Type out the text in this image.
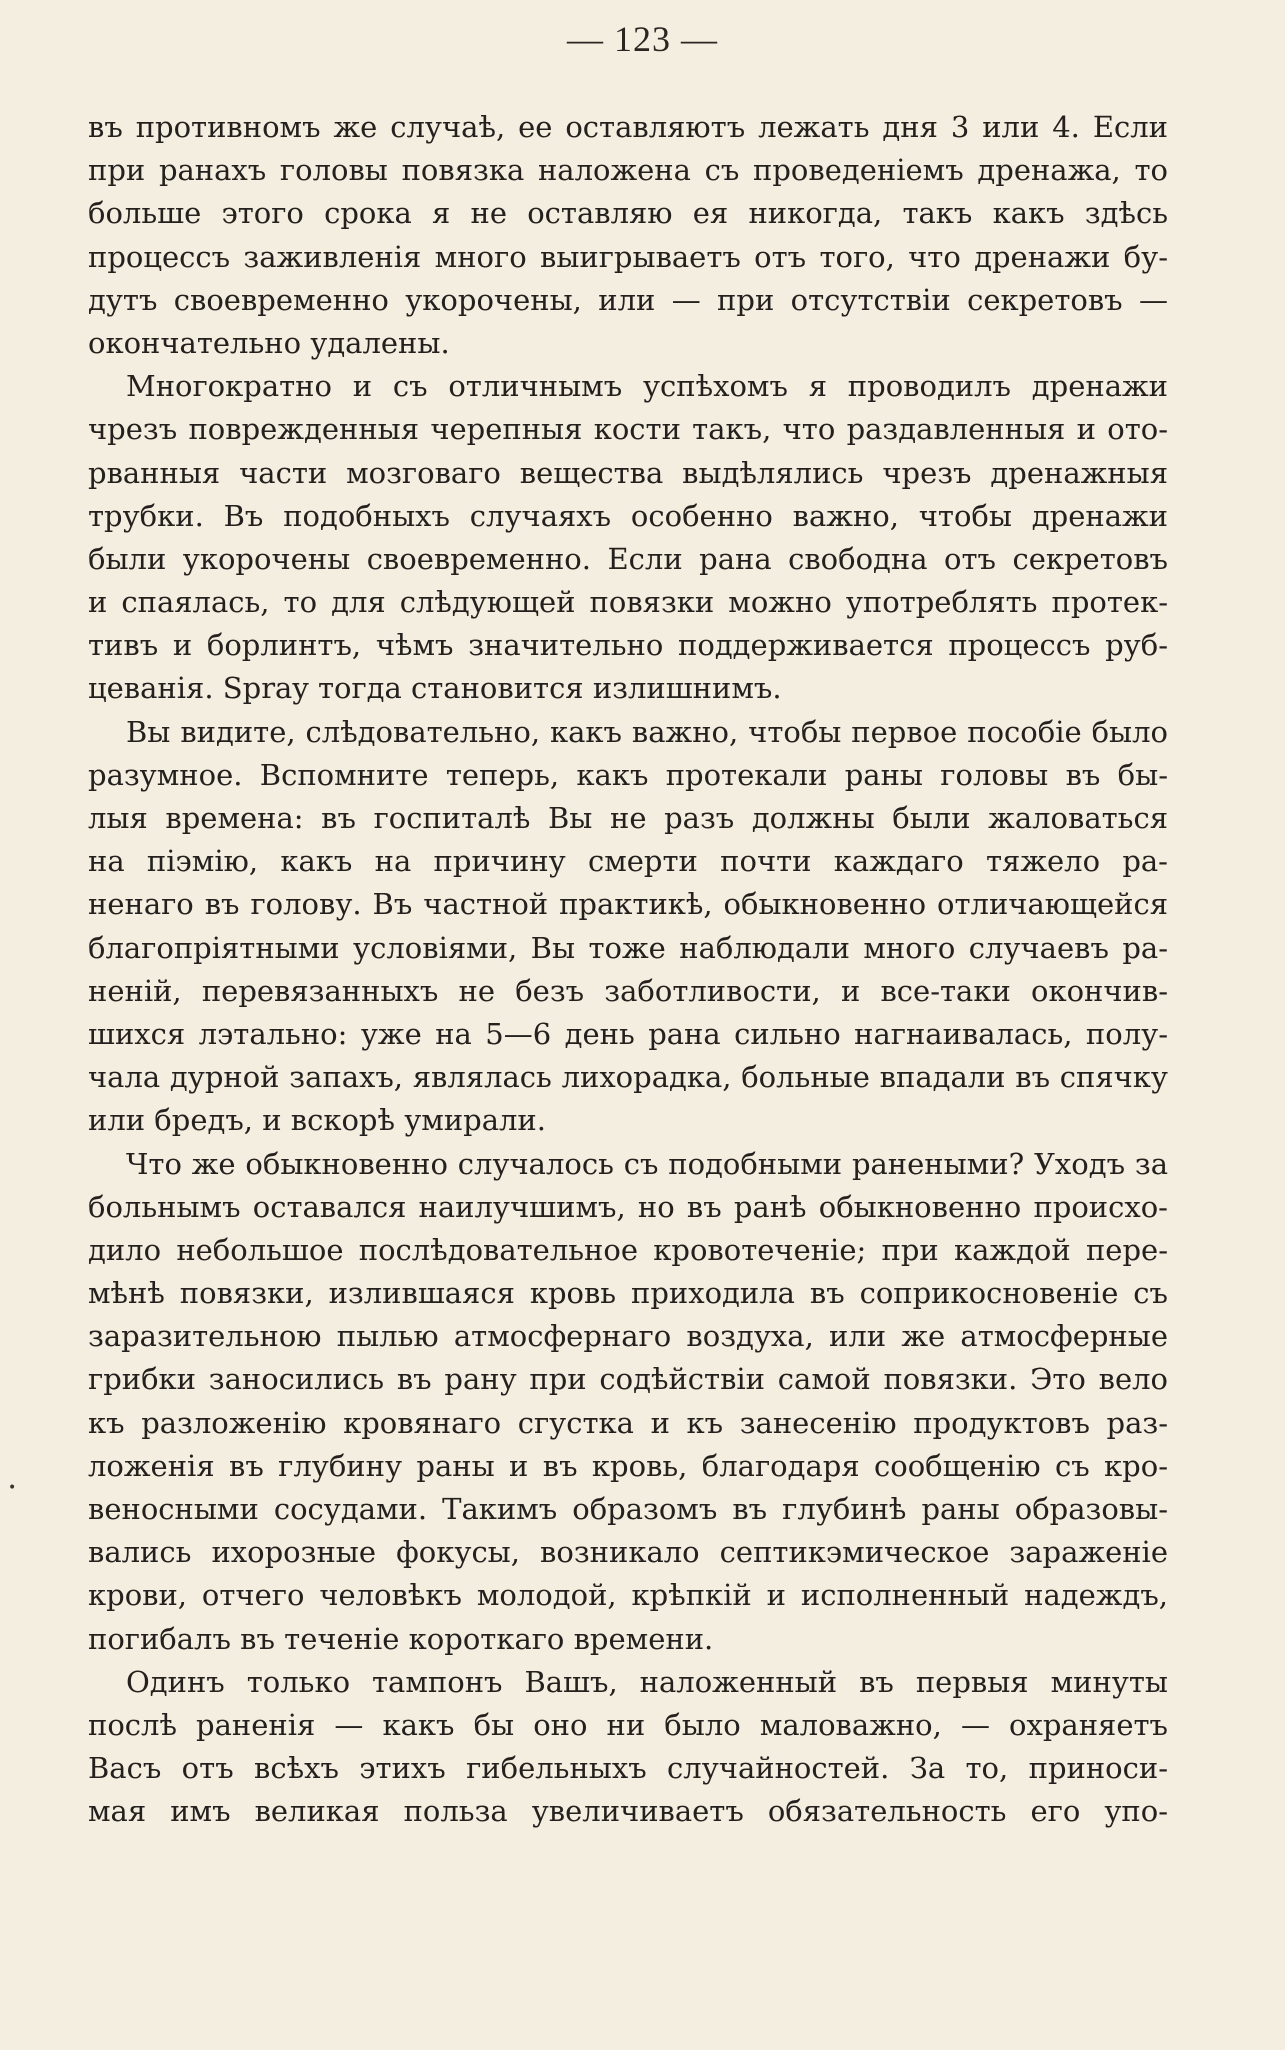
— 123 —
въ противномъ же случаѣ, ее оставляютъ лежать дня 3 или 4. Если
при ранахъ головы повязка наложена съ проведеніемъ дренажа, то
больше этого срока я не оставляю ея никогда, такъ какъ здѣсь
процессъ заживленія много выигрываетъ отъ того, что дренажи бу-
дутъ своевременно укорочены, или — при отсутствіи секретовъ —
окончательно удалены.
Многократно и съ отличнымъ успѣхомъ я проводилъ дренажи
чрезъ поврежденныя черепныя кости такъ, что раздавленныя и ото-
рванныя части мозговаго вещества выдѣлялись чрезъ дренажныя
трубки. Въ подобныхъ случаяхъ особенно важно, чтобы дренажи
были укорочены своевременно. Если рана свободна отъ секретовъ
и спаялась, то для слѣдующей повязки можно употреблять протек-
тивъ и борлинтъ, чѣмъ значительно поддерживается процессъ руб-
цеванія. Spray тогда становится излишнимъ.
Вы видите, слѣдовательно, какъ важно, чтобы первое пособіе было
разумное. Вспомните теперь, какъ протекали раны головы въ бы-
лыя времена: въ госпиталѣ Вы не разъ должны были жаловаться
на піэмію, какъ на причину смерти почти каждаго тяжело ра-
ненаго въ голову. Въ частной практикѣ, обыкновенно отличающейся
благопріятными условіями, Вы тоже наблюдали много случаевъ ра-
неній, перевязанныхъ не безъ заботливости, и все-таки окончив-
шихся лэтально: уже на 5—6 день рана сильно нагнаивалась, полу-
чала дурной запахъ, являлась лихорадка, больные впадали въ спячку
или бредъ, и вскорѣ умирали.
Что же обыкновенно случалось съ подобными ранеными? Уходъ за
больнымъ оставался наилучшимъ, но въ ранѣ обыкновенно происхо-
дило небольшое послѣдовательное кровотеченіе; при каждой пере-
мѣнѣ повязки, излившаяся кровь приходила въ соприкосновеніе съ
заразительною пылью атмосфернаго воздуха, или же атмосферные
грибки заносились въ рану при содѣйствіи самой повязки. Это вело
къ разложенію кровянаго сгустка и къ занесенію продуктовъ раз-
ложенія въ глубину раны и въ кровь, благодаря сообщенію съ кро-
веносными сосудами. Такимъ образомъ въ глубинѣ раны образовы-
вались ихорозные фокусы, возникало септикэмическое зараженіе
крови, отчего человѣкъ молодой, крѣпкій и исполненный надеждъ,
погибалъ въ теченіе короткаго времени.
Одинъ только тампонъ Вашъ, наложенный въ первыя минуты
послѣ раненія — какъ бы оно ни было маловажно, — охраняетъ
Васъ отъ всѣхъ этихъ гибельныхъ случайностей. За то, приноси-
мая имъ великая польза увеличиваетъ обязательность его упо-
•
